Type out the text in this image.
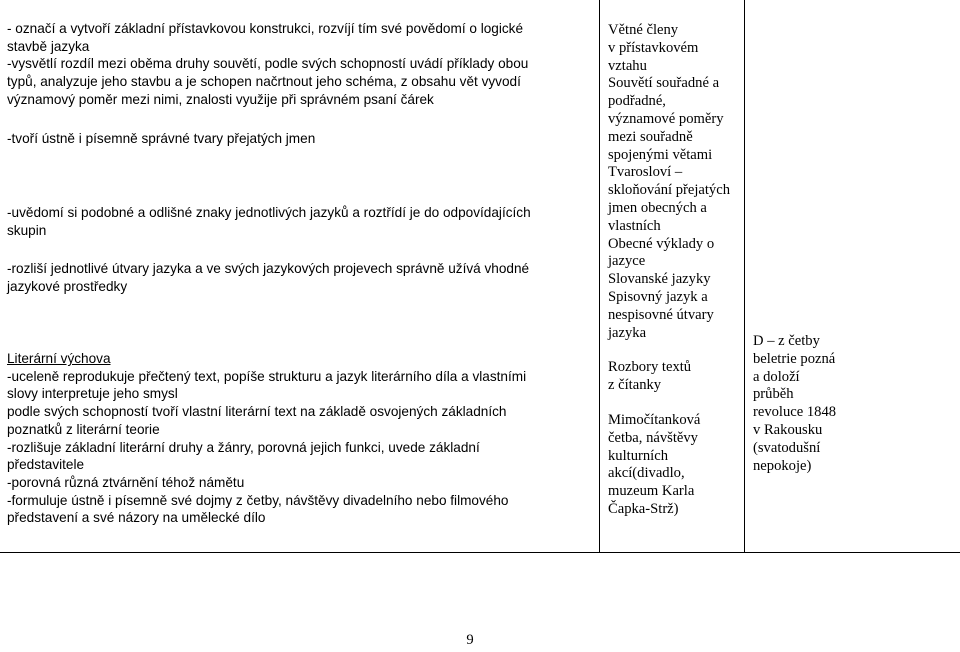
- označí a vytvoří základní přístavkovou konstrukci, rozvíjí tím své povědomí o logické
stavbě jazyka
-vysvětlí rozdíl mezi oběma druhy souvětí, podle svých schopností uvádí příklady obou
typů, analyzuje jeho stavbu a je schopen načrtnout jeho schéma, z obsahu vět vyvodí
významový poměr mezi nimi, znalosti využije při správném psaní čárek
-tvoří ústně i písemně správné tvary přejatých jmen
-uvědomí si podobné a odlišné znaky jednotlivých jazyků a roztřídí je do odpovídajících
skupin
-rozliší jednotlivé útvary jazyka a ve svých jazykových projevech správně užívá vhodné
jazykové prostředky
Literární výchova
-uceleně reprodukuje přečtený text, popíše strukturu a jazyk literárního díla a vlastními
slovy interpretuje jeho smysl
podle svých schopností tvoří vlastní literární text na základě osvojených základních
poznatků z literární teorie
-rozlišuje základní literární druhy a žánry, porovná jejich funkci, uvede základní
představitele
-porovná různá ztvárnění téhož námětu
-formuluje ústně i písemně své dojmy z četby, návštěvy divadelního nebo filmového
představení a své názory na umělecké dílo
Větné členy
v přístavkovém
vztahu
Souvětí souřadné a
podřadné,
významové poměry
mezi souřadně
spojenými větami
Tvarosloví –
skloňování přejatých
jmen obecných a
vlastních
Obecné výklady o
jazyce
Slovanské jazyky
Spisovný jazyk a
nespisovné útvary
jazyka
Rozbory textů
z čítanky
Mimočítanková
četba, návštěvy
kulturních
akcí(divadlo,
muzeum Karla
Čapka-Strž)
D – z četby
beletrie pozná
a doloží
průběh
revoluce 1848
v Rakousku
(svatodušní
nepokoje)
9
